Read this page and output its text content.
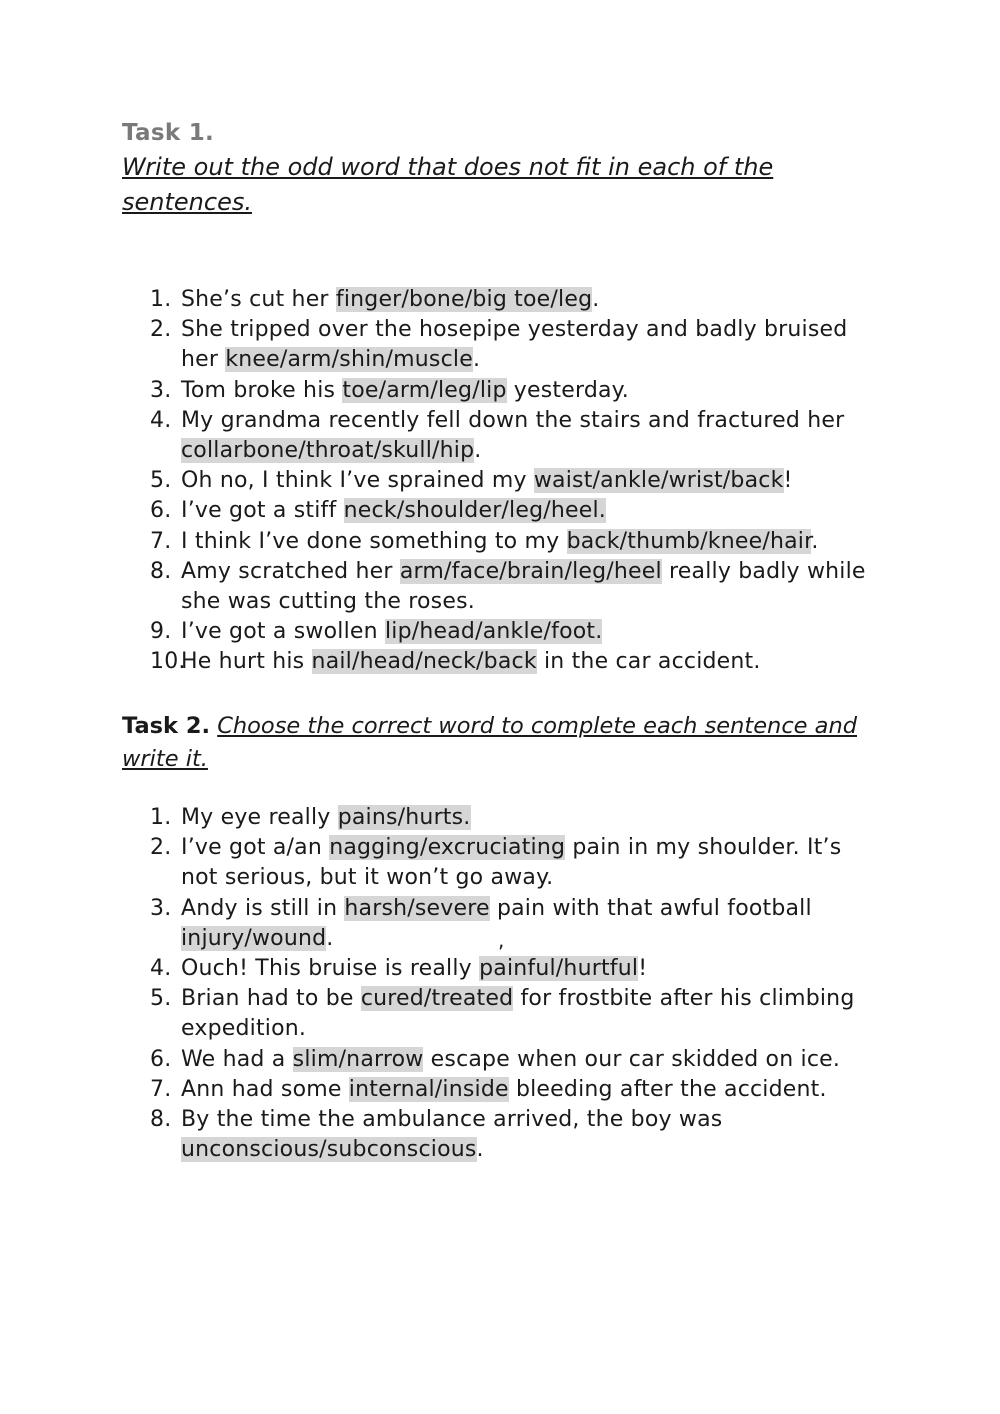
Task 1.
Write out the odd word that does not fit in each of the sentences.
1. She’s cut her finger/bone/big toe/leg.
2. She tripped over the hosepipe yesterday and badly bruised her knee/arm/shin/muscle.
3. Tom broke his toe/arm/leg/lip yesterday.
4. My grandma recently fell down the stairs and fractured her collarbone/throat/skull/hip.
5. Oh no, I think I’ve sprained my waist/ankle/wrist/back!
6. I’ve got a stiff neck/shoulder/leg/heel.
7. I think I’ve done something to my back/thumb/knee/hair.
8. Amy scratched her arm/face/brain/leg/heel really badly while she was cutting the roses.
9. I’ve got a swollen lip/head/ankle/foot.
10.
He hurt his nail/head/neck/back in the car accident.
Task 2. Choose the correct word to complete each sentence and write it.
1. My eye really pains/hurts.
2. I’ve got a/an nagging/excruciating pain in my shoulder. It’s not serious, but it won’t go away.
3. Andy is still in harsh/severe pain with that awful football injury/wound.
4. Ouch! This bruise is really painful/hurtful!
5. Brian had to be cured/treated for frostbite after his climbing expedition.
6. We had a slim/narrow escape when our car skidded on ice.
7. Ann had some internal/inside bleeding after the accident.
8. By the time the ambulance arrived, the boy was unconscious/subconscious.
,
